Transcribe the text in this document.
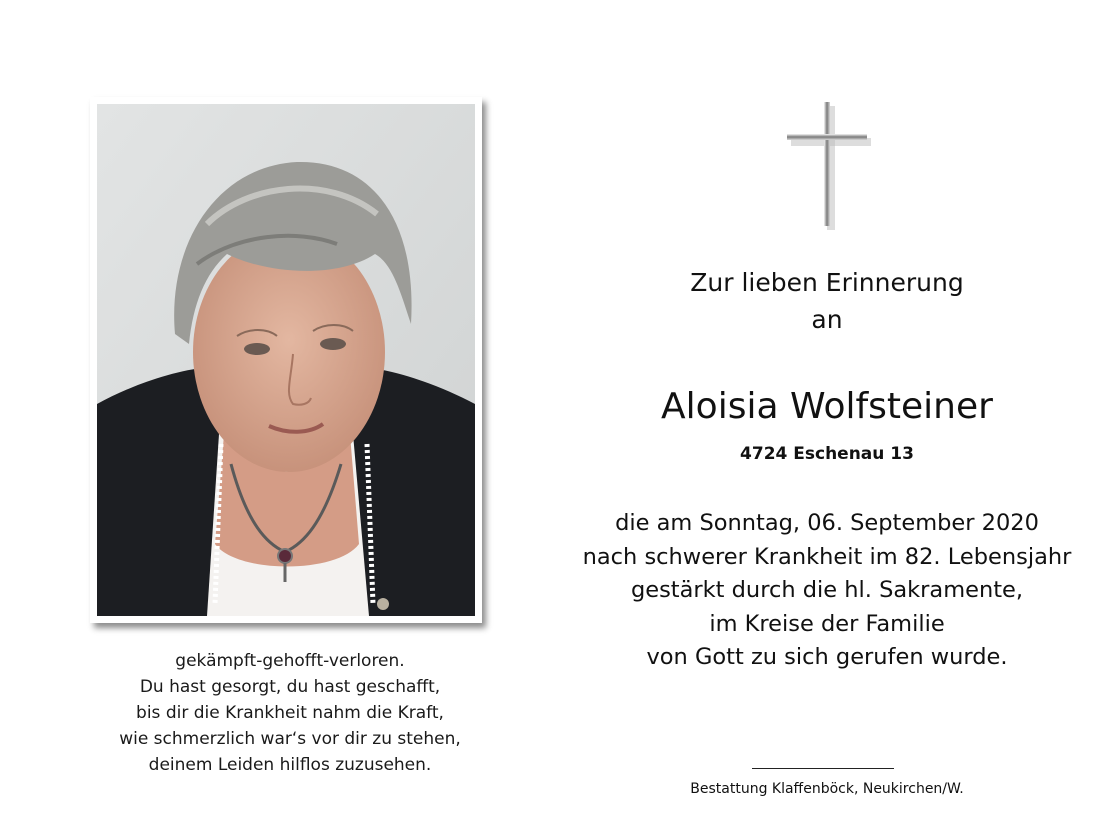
gekämpft-gehofft-verloren.
Du hast gesorgt, du hast geschafft,
bis dir die Krankheit nahm die Kraft,
wie schmerzlich war‘s vor dir zu stehen,
deinem Leiden hilflos zuzusehen.
Zur lieben Erinnerung
an
Aloisia Wolfsteiner
4724 Eschenau 13
die am Sonntag, 06. September 2020
nach schwerer Krankheit im 82. Lebensjahr
gestärkt durch die hl. Sakramente,
im Kreise der Familie
von Gott zu sich gerufen wurde.
Bestattung Klaffenböck, Neukirchen/W.
